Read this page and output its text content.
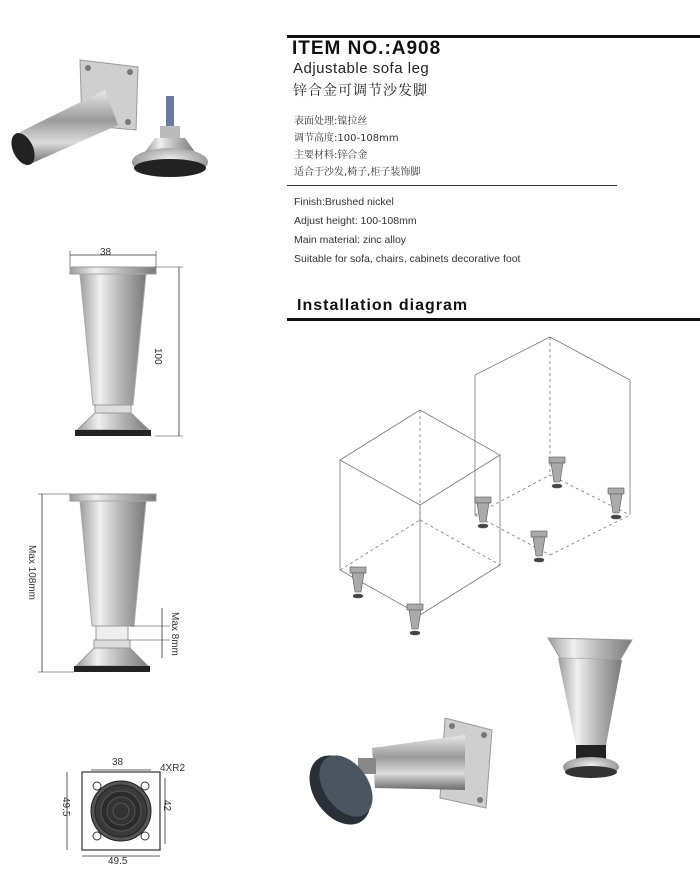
ITEM NO.:A908
Adjustable sofa leg
锌合金可调节沙发脚
表面处理:镍拉丝
调节高度:100-108mm
主要材料:锌合金
适合于沙发,椅子,柜子装饰脚
Finish:Brushed nickel
Adjust height: 100-108mm
Main material: zinc alloy
Suitable for sofa, chairs, cabinets decorative foot
Installation diagram
38
100
Max 108mm
Max 8mm
38
4XR2
49.5	42
49.5
